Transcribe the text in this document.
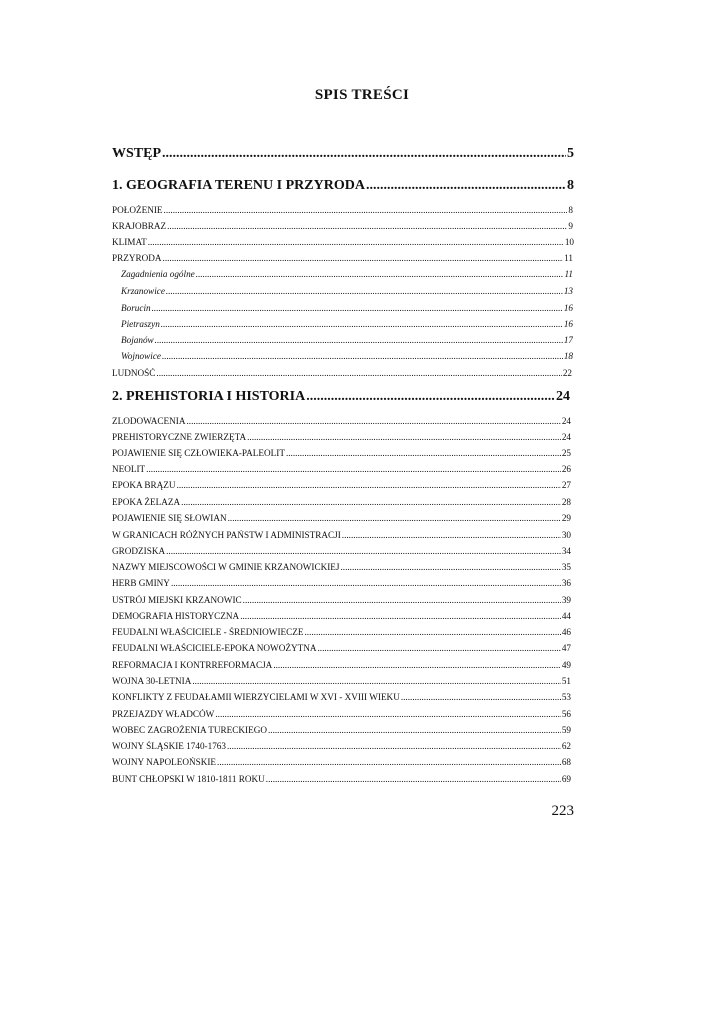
SPIS TREŚCI
WSTĘP .....	5
1. GEOGRAFIA TERENU I PRZYRODA .....	8
POŁOŻENIE .....	8
KRAJOBRAZ .....	9
KLIMAT .....	10
PRZYRODA .....	11
Zagadnienia ogólne .....	11
Krzanowice .....	13
Borucin .....	16
Pietraszyn .....	16
Bojanów .....	17
Wojnowice .....	18
LUDNOŚĆ .....	22
2. PREHISTORIA I HISTORIA .....	24
ZLODOWACENIA .....	24
PREHISTORYCZNE ZWIERZĘTA .....	24
POJAWIENIE SIĘ CZŁOWIEKA-PALEOLIT .....	25
NEOLIT .....	26
EPOKA BRĄZU .....	27
EPOKA ŻELAZA .....	28
POJAWIENIE SIĘ SŁOWIAN .....	29
W GRANICACH RÓŻNYCH PAŃSTW I ADMINISTRACJI .....	30
GRODZISKA .....	34
NAZWY MIEJSCOWOŚCI W GMINIE KRZANOWICKIEJ .....	35
HERB GMINY .....	36
USTRÓJ MIEJSKI KRZANOWIC .....	39
DEMOGRAFIA HISTORYCZNA .....	44
FEUDALNI WŁAŚCICIELE - ŚREDNIOWIECZE .....	46
FEUDALNI WŁAŚCICIELE-EPOKA NOWOŻYTNA .....	47
REFORMACJA I KONTRREFORMACJA .....	49
WOJNA 30-LETNIA .....	51
KONFLIKTY Z FEUDAŁAMII WIERZYCIELAMI W XVI - XVIII WIEKU .....	53
PRZEJAZDY WŁADCÓW .....	56
WOBEC ZAGROŻENIA TURECKIEGO .....	59
WOJNY ŚLĄSKIE 1740-1763 .....	62
WOJNY NAPOLEOŃSKIE .....	68
BUNT CHŁOPSKI W 1810-1811 ROKU .....	69
223
